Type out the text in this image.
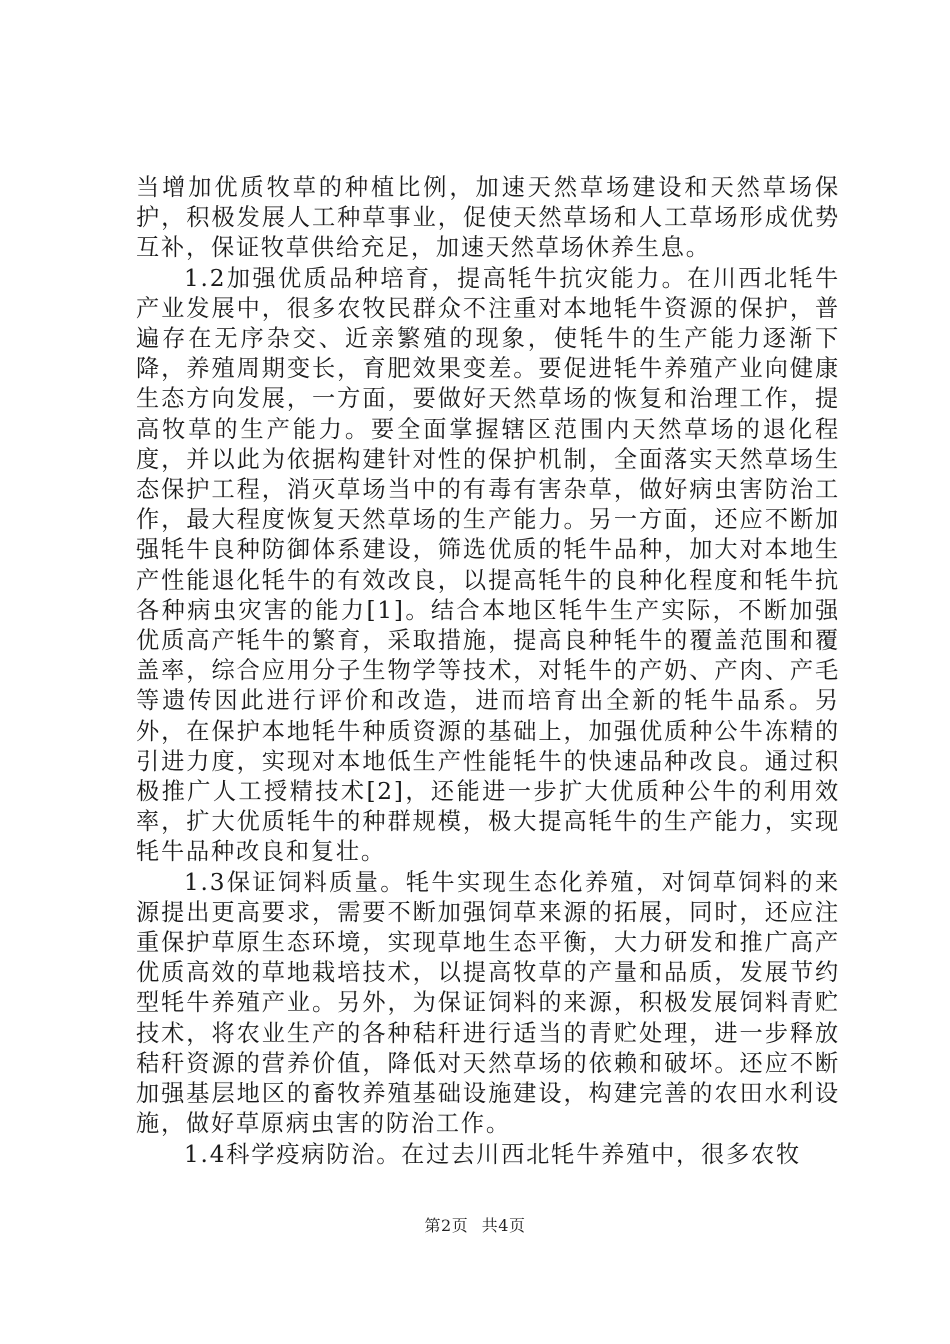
当增加优质牧草的种植比例，加速天然草场建设和天然草场保护，积极发展人工种草事业，促使天然草场和人工草场形成优势互补，保证牧草供给充足，加速天然草场休养生息。

1.2加强优质品种培育，提高牦牛抗灾能力。在川西北牦牛产业发展中，很多农牧民群众不注重对本地牦牛资源的保护，普遍存在无序杂交、近亲繁殖的现象，使牦牛的生产能力逐渐下降，养殖周期变长，育肥效果变差。要促进牦牛养殖产业向健康生态方向发展，一方面，要做好天然草场的恢复和治理工作，提高牧草的生产能力。要全面掌握辖区范围内天然草场的退化程度，并以此为依据构建针对性的保护机制，全面落实天然草场生态保护工程，消灭草场当中的有毒有害杂草，做好病虫害防治工作，最大程度恢复天然草场的生产能力。另一方面，还应不断加强牦牛良种防御体系建设，筛选优质的牦牛品种，加大对本地生产性能退化牦牛的有效改良，以提高牦牛的良种化程度和牦牛抗各种病虫灾害的能力[1]。结合本地区牦牛生产实际，不断加强优质高产牦牛的繁育，采取措施，提高良种牦牛的覆盖范围和覆盖率，综合应用分子生物学等技术，对牦牛的产奶、产肉、产毛等遗传因此进行评价和改造，进而培育出全新的牦牛品系。另外，在保护本地牦牛种质资源的基础上，加强优质种公牛冻精的引进力度，实现对本地低生产性能牦牛的快速品种改良。通过积极推广人工授精技术[2]，还能进一步扩大优质种公牛的利用效率，扩大优质牦牛的种群规模，极大提高牦牛的生产能力，实现牦牛品种改良和复壮。

1.3保证饲料质量。牦牛实现生态化养殖，对饲草饲料的来源提出更高要求，需要不断加强饲草来源的拓展，同时，还应注重保护草原生态环境，实现草地生态平衡，大力研发和推广高产优质高效的草地栽培技术，以提高牧草的产量和品质，发展节约型牦牛养殖产业。另外，为保证饲料的来源，积极发展饲料青贮技术，将农业生产的各种秸秆进行适当的青贮处理，进一步释放秸秆资源的营养价值，降低对天然草场的依赖和破坏。还应不断加强基层地区的畜牧养殖基础设施建设，构建完善的农田水利设施，做好草原病虫害的防治工作。

1.4科学疫病防治。在过去川西北牦牛养殖中，很多农牧

第2页 共4页
